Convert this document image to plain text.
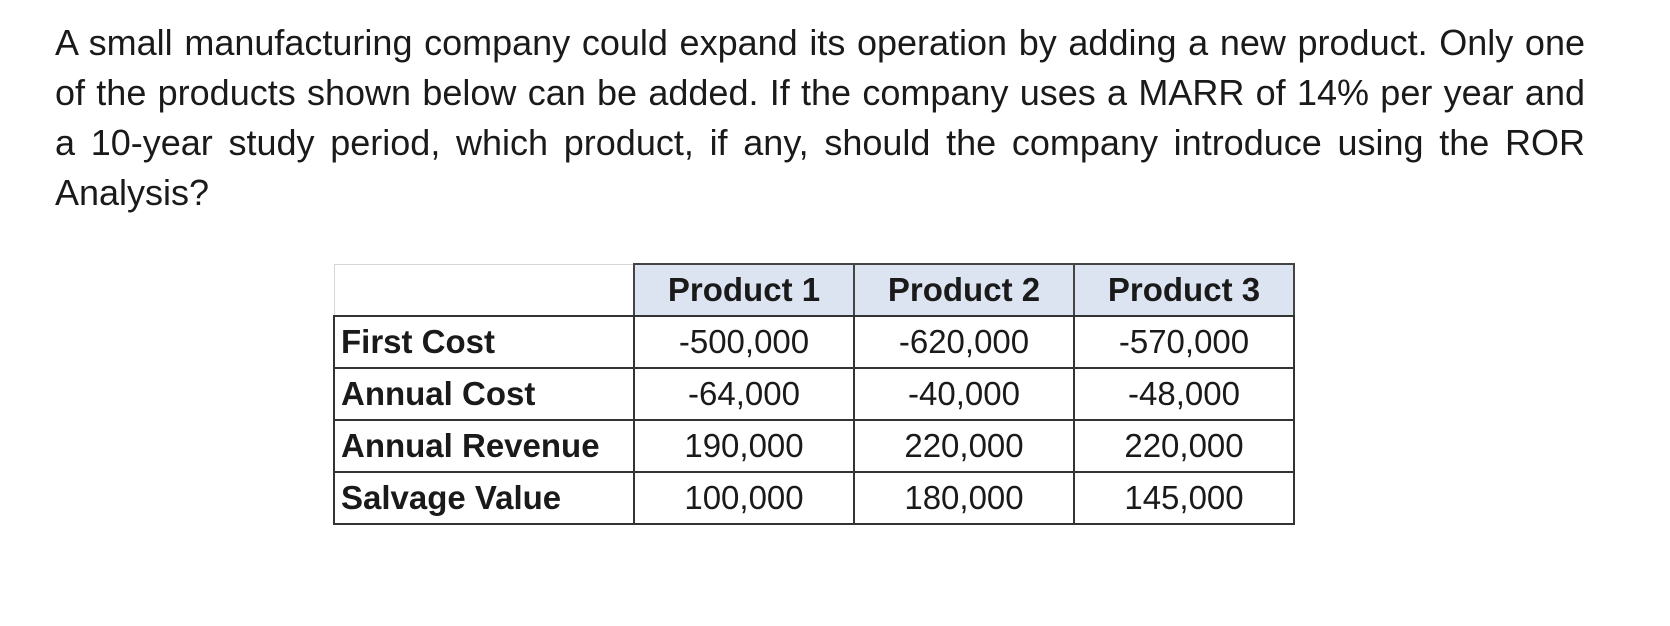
A small manufacturing company could expand its operation by adding a new product. Only one of the products shown below can be added. If the company uses a MARR of 14% per year and a 10-year study period, which product, if any, should the company introduce using the ROR Analysis?

	Product 1	Product 2	Product 3
First Cost	-500,000	-620,000	-570,000
Annual Cost	-64,000	-40,000	-48,000
Annual Revenue	190,000	220,000	220,000
Salvage Value	100,000	180,000	145,000
